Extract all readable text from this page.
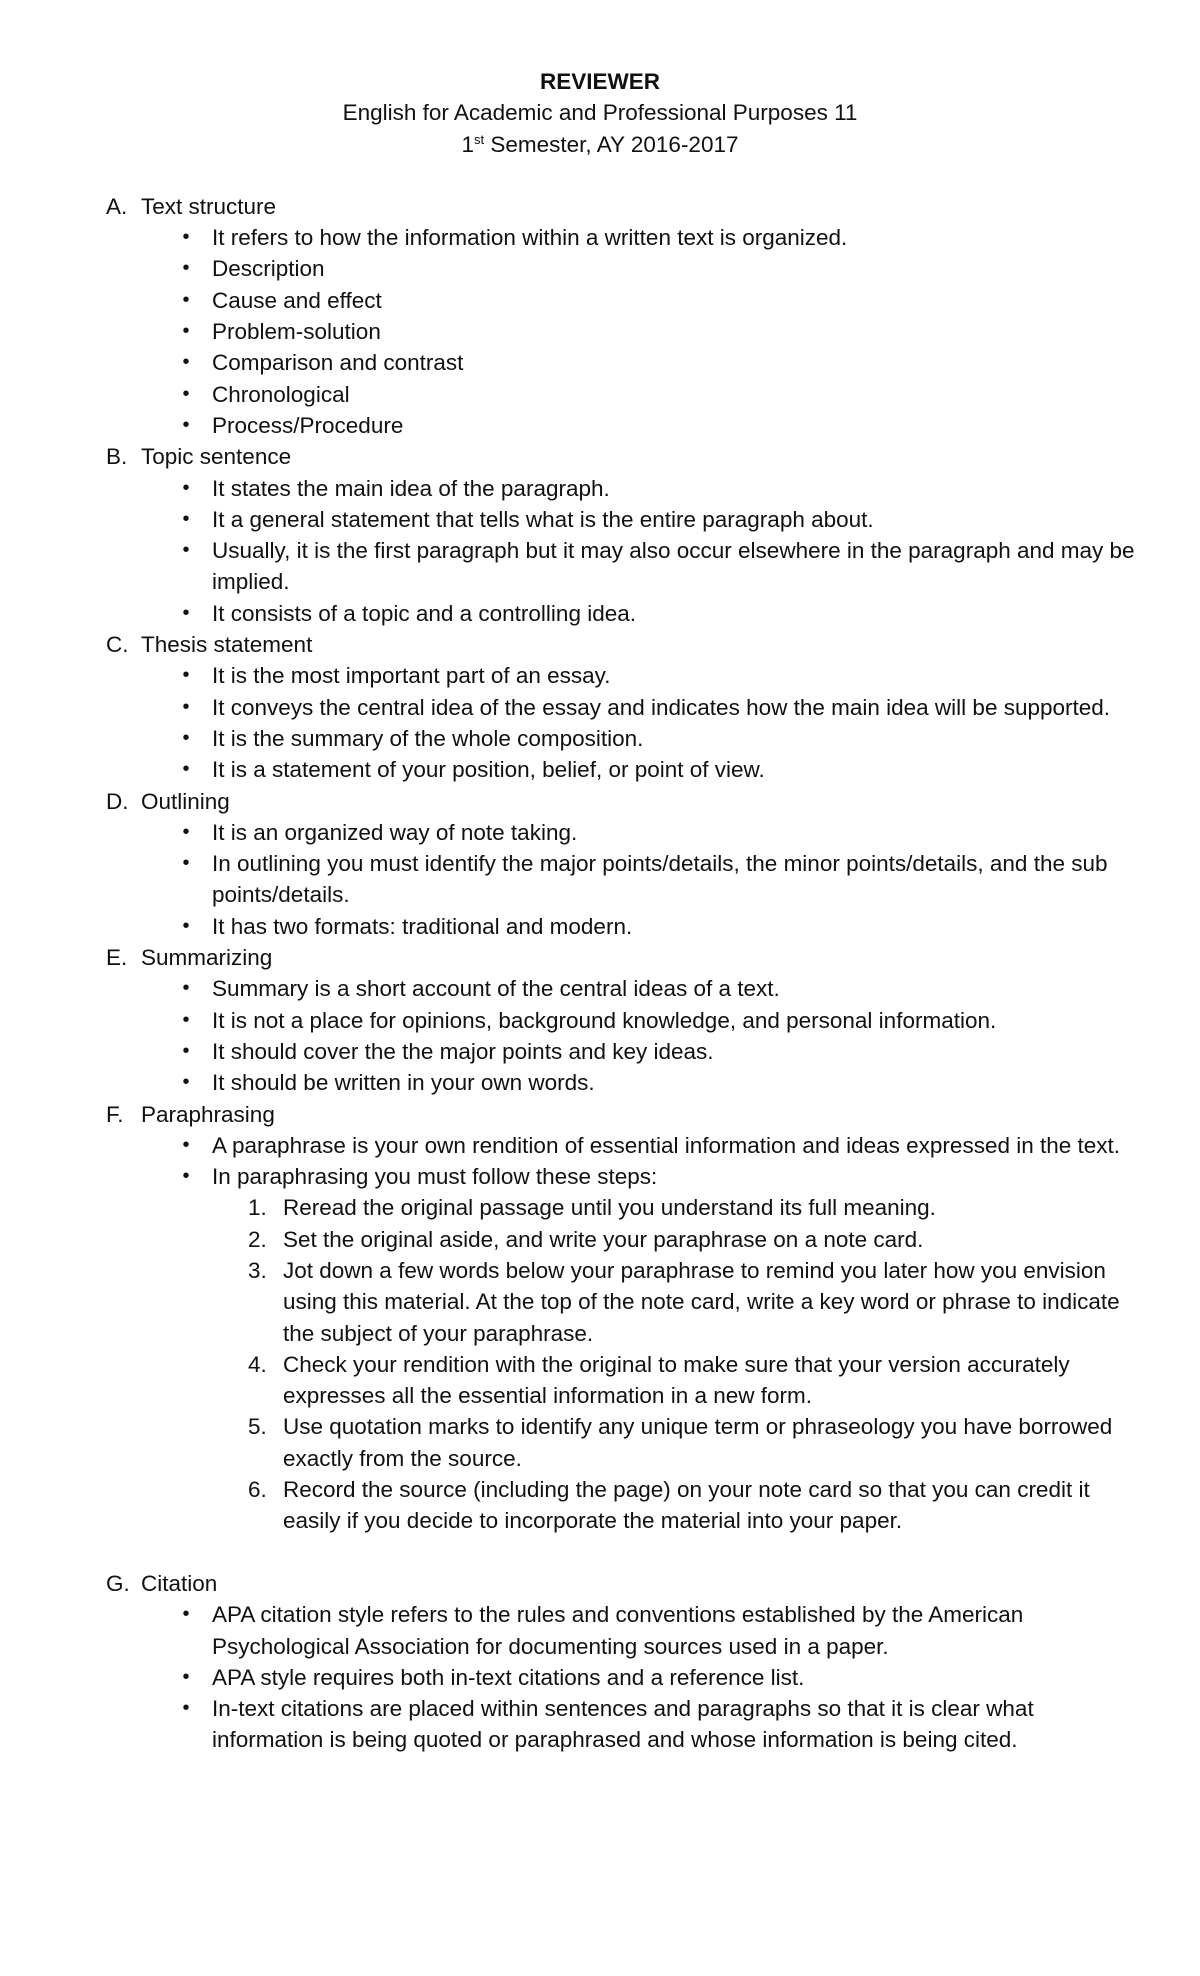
REVIEWER
English for Academic and Professional Purposes 11
1st Semester, AY 2016-2017
A. Text structure
• It refers to how the information within a written text is organized.
• Description
• Cause and effect
• Problem-solution
• Comparison and contrast
• Chronological
• Process/Procedure
B. Topic sentence
• It states the main idea of the paragraph.
• It a general statement that tells what is the entire paragraph about.
• Usually, it is the first paragraph but it may also occur elsewhere in the paragraph and may be implied.
• It consists of a topic and a controlling idea.
C. Thesis statement
• It is the most important part of an essay.
• It conveys the central idea of the essay and indicates how the main idea will be supported.
• It is the summary of the whole composition.
• It is a statement of your position, belief, or point of view.
D. Outlining
• It is an organized way of note taking.
• In outlining you must identify the major points/details, the minor points/details, and the sub points/details.
• It has two formats: traditional and modern.
E. Summarizing
• Summary is a short account of the central ideas of a text.
• It is not a place for opinions, background knowledge, and personal information.
• It should cover the the major points and key ideas.
• It should be written in your own words.
F. Paraphrasing
• A paraphrase is your own rendition of essential information and ideas expressed in the text.
• In paraphrasing you must follow these steps:
1. Reread the original passage until you understand its full meaning.
2. Set the original aside, and write your paraphrase on a note card.
3. Jot down a few words below your paraphrase to remind you later how you envision using this material. At the top of the note card, write a key word or phrase to indicate the subject of your paraphrase.
4. Check your rendition with the original to make sure that your version accurately expresses all the essential information in a new form.
5. Use quotation marks to identify any unique term or phraseology you have borrowed exactly from the source.
6. Record the source (including the page) on your note card so that you can credit it easily if you decide to incorporate the material into your paper.
G. Citation
• APA citation style refers to the rules and conventions established by the American Psychological Association for documenting sources used in a paper.
• APA style requires both in-text citations and a reference list.
• In-text citations are placed within sentences and paragraphs so that it is clear what information is being quoted or paraphrased and whose information is being cited.
